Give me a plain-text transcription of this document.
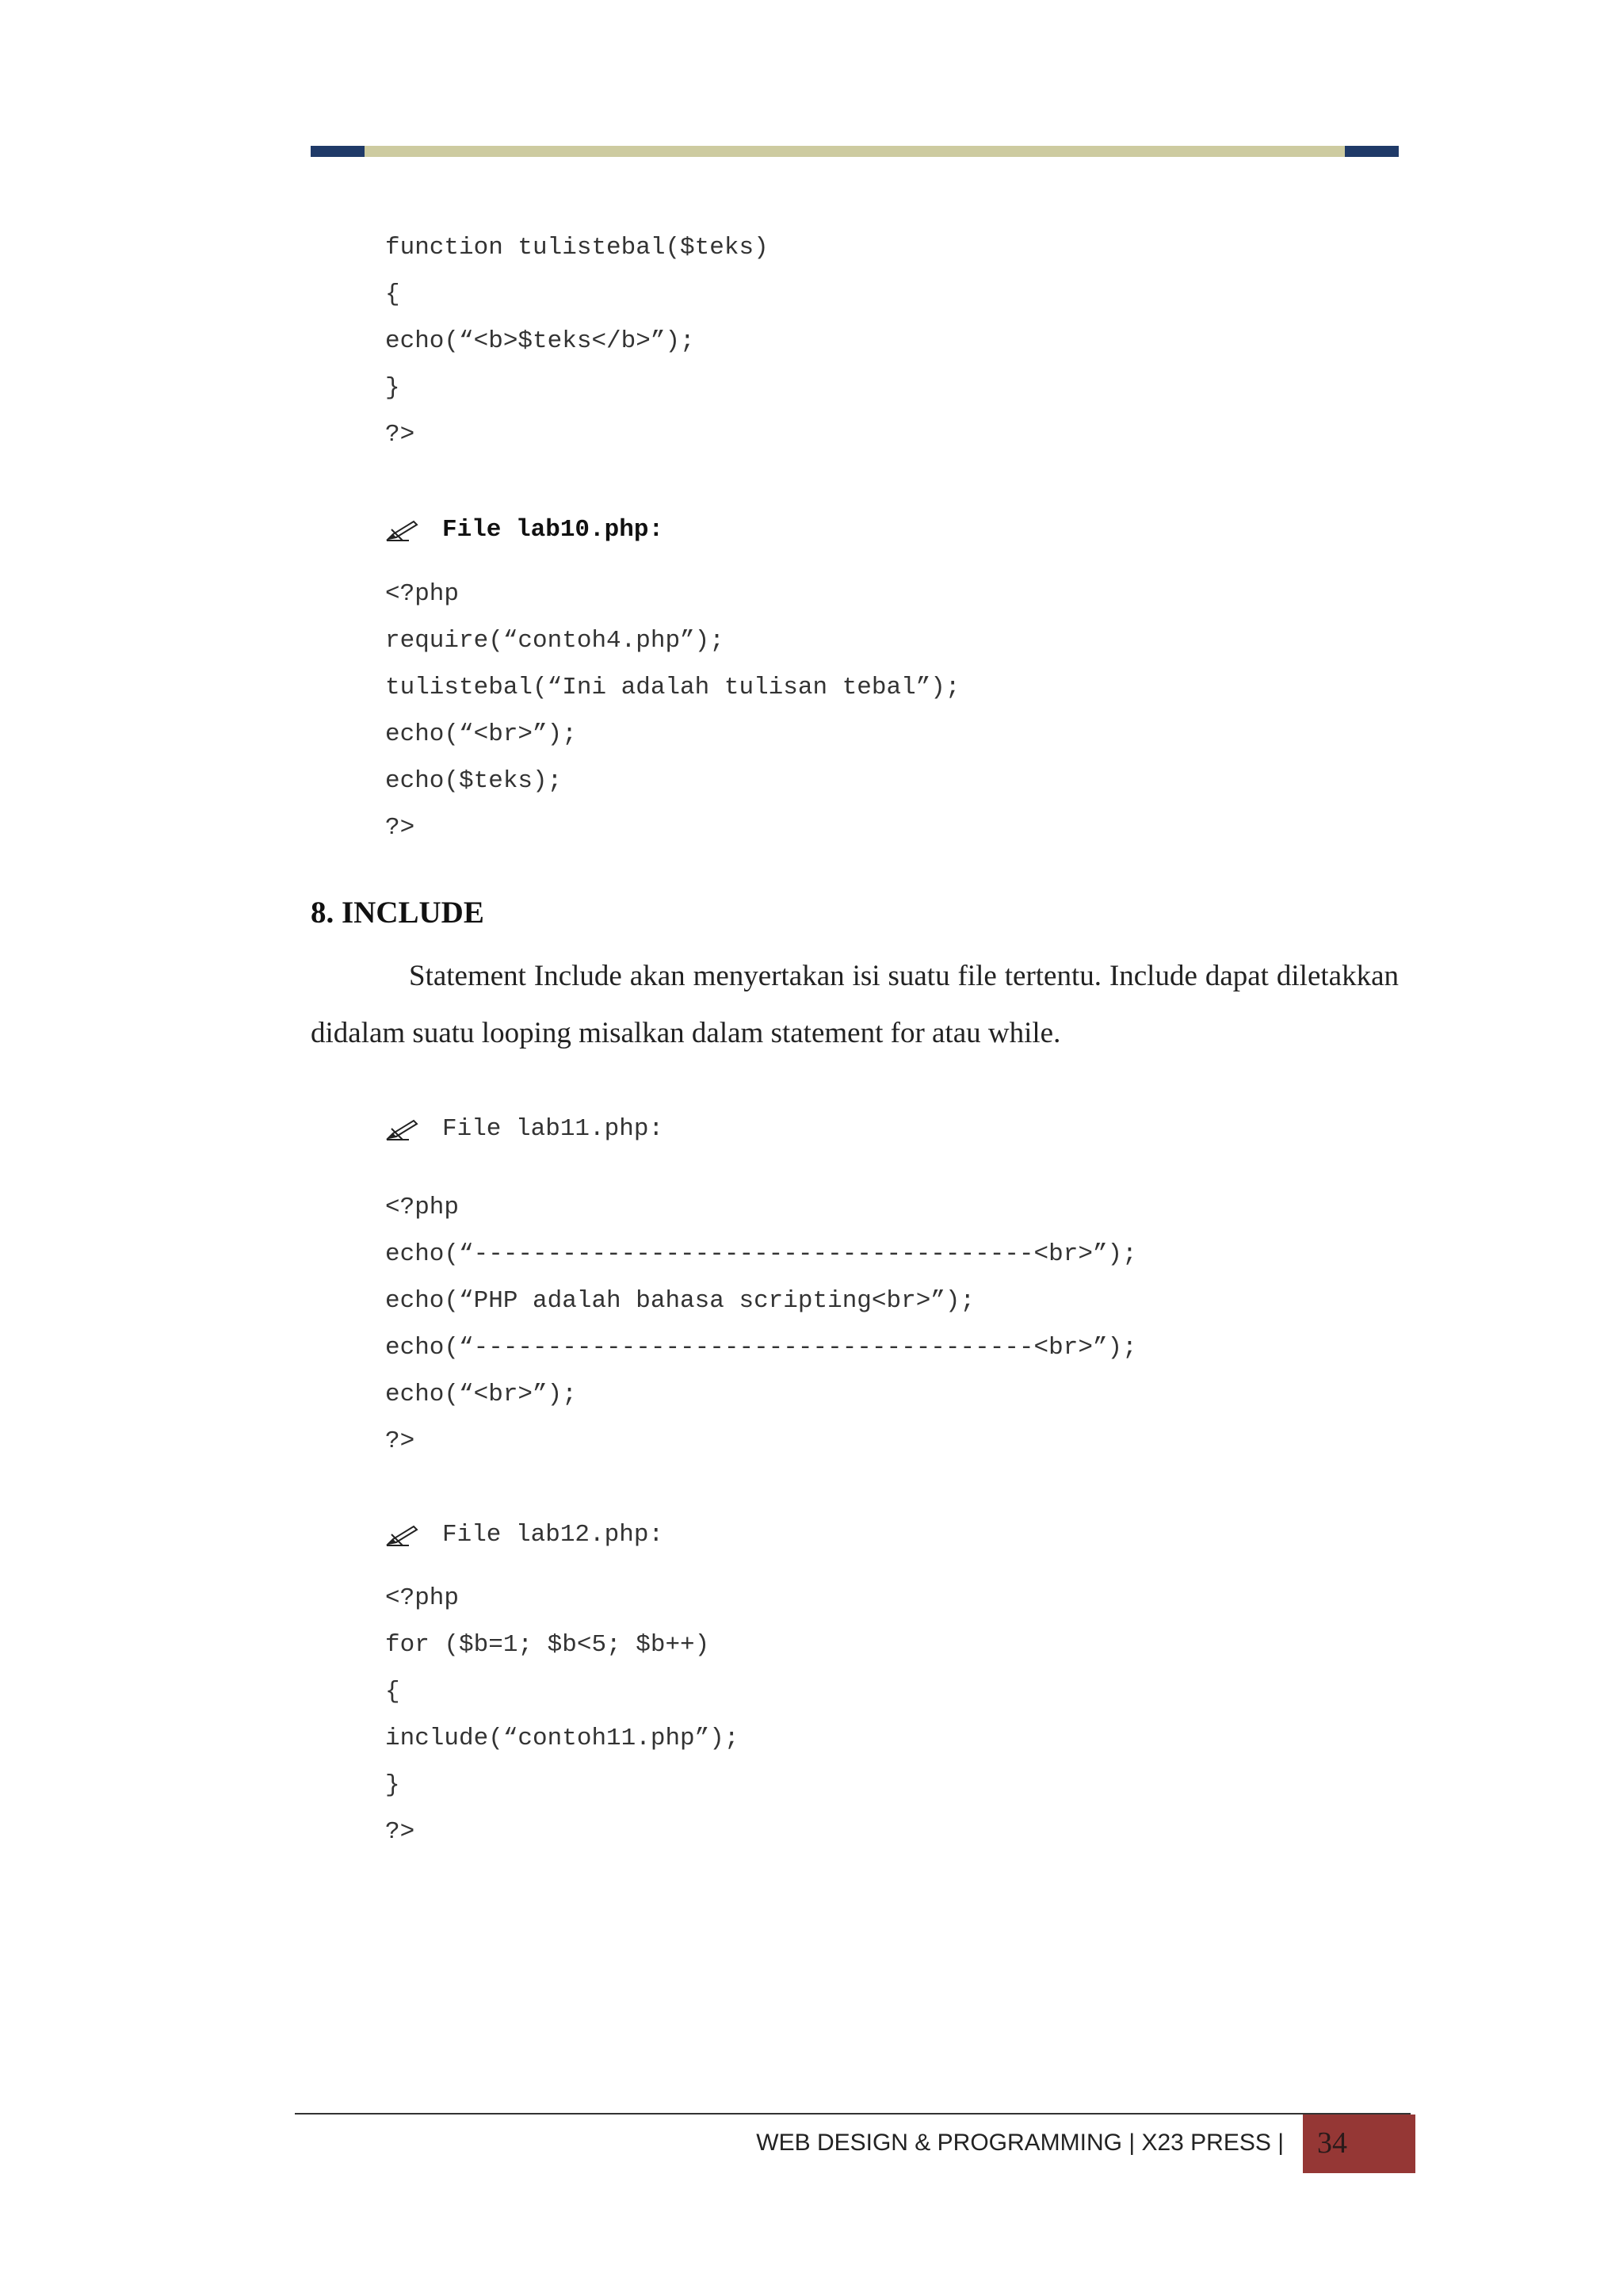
function tulistebal($teks)
{
echo(“<b>$teks</b>”);
}
?>
File lab10.php:
<?php
require(“contoh4.php”);
tulistebal(“Ini adalah tulisan tebal”);
echo(“<br>”);
echo($teks);
?>
8. INCLUDE

Statement Include akan menyertakan isi suatu file tertentu. Include dapat diletakkan didalam suatu looping misalkan dalam statement for atau while.

File lab11.php:
<?php
echo(“--------------------------------------<br>”);
echo(“PHP adalah bahasa scripting<br>”);
echo(“--------------------------------------<br>”);
echo(“<br>”);
?>
File lab12.php:
<?php
for ($b=1; $b<5; $b++)
{
include(“contoh11.php”);
}
?>
WEB DESIGN & PROGRAMMING | X23 PRESS | 34
